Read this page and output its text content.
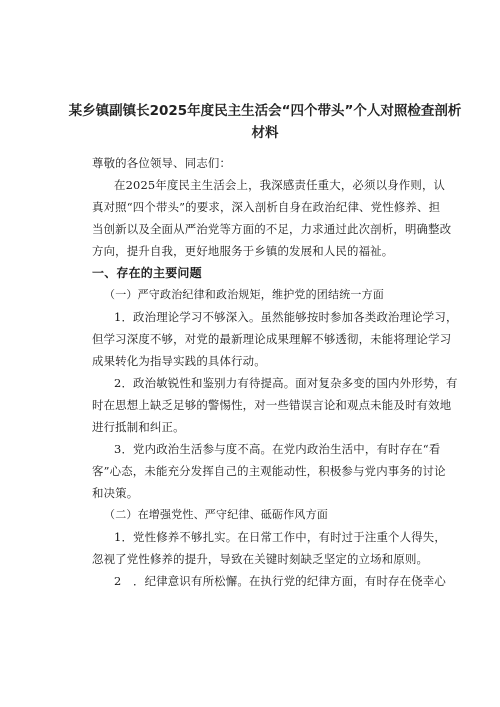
某乡镇副镇长2025年度民主生活会“四个带头”个人对照检查剖析
材料
尊敬的各位领导、同志们：
在2025年度民主生活会上，我深感责任重大，必须以身作则，认
真对照“四个带头”的要求，深入剖析自身在政治纪律、党性修养、担
当创新以及全面从严治党等方面的不足，力求通过此次剖析，明确整改
方向，提升自我，更好地服务于乡镇的发展和人民的福祉。
一、存在的主要问题
（一）严守政治纪律和政治规矩，维护党的团结统一方面
1．政治理论学习不够深入。虽然能够按时参加各类政治理论学习，
但学习深度不够，对党的最新理论成果理解不够透彻，未能将理论学习
成果转化为指导实践的具体行动。
2．政治敏锐性和鉴别力有待提高。面对复杂多变的国内外形势，有
时在思想上缺乏足够的警惕性，对一些错误言论和观点未能及时有效地
进行抵制和纠正。
3．党内政治生活参与度不高。在党内政治生活中，有时存在“看
客”心态，未能充分发挥自己的主观能动性，积极参与党内事务的讨论
和决策。
（二）在增强党性、严守纪律、砥砺作风方面
1．党性修养不够扎实。在日常工作中，有时过于注重个人得失，
忽视了党性修养的提升，导致在关键时刻缺乏坚定的立场和原则。
2　．纪律意识有所松懈。在执行党的纪律方面，有时存在侥幸心
